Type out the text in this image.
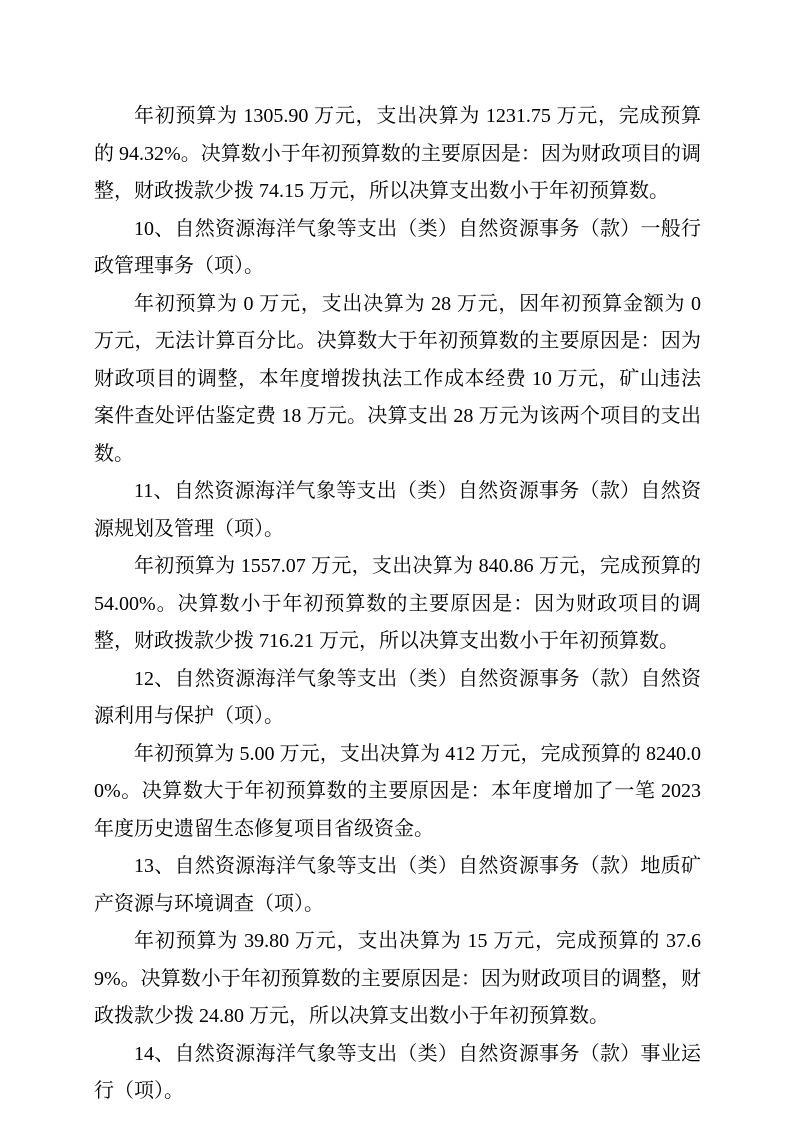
年初预算为 1305.90 万元，支出决算为 1231.75 万元，完成预算的 94.32%。决算数小于年初预算数的主要原因是：因为财政项目的调整，财政拨款少拨 74.15 万元，所以决算支出数小于年初预算数。

10、自然资源海洋气象等支出（类）自然资源事务（款）一般行政管理事务（项）。

年初预算为 0 万元，支出决算为 28 万元，因年初预算金额为 0 万元，无法计算百分比。决算数大于年初预算数的主要原因是：因为财政项目的调整，本年度增拨执法工作成本经费 10 万元，矿山违法案件查处评估鉴定费 18 万元。决算支出 28 万元为该两个项目的支出数。

11、自然资源海洋气象等支出（类）自然资源事务（款）自然资源规划及管理（项）。

年初预算为 1557.07 万元，支出决算为 840.86 万元，完成预算的 54.00%。决算数小于年初预算数的主要原因是：因为财政项目的调整，财政拨款少拨 716.21 万元，所以决算支出数小于年初预算数。

12、自然资源海洋气象等支出（类）自然资源事务（款）自然资源利用与保护（项）。

年初预算为 5.00 万元，支出决算为 412 万元，完成预算的 8240.00%。决算数大于年初预算数的主要原因是：本年度增加了一笔 2023 年度历史遗留生态修复项目省级资金。

13、自然资源海洋气象等支出（类）自然资源事务（款）地质矿产资源与环境调查（项）。

年初预算为 39.80 万元，支出决算为 15 万元，完成预算的 37.69%。决算数小于年初预算数的主要原因是：因为财政项目的调整，财政拨款少拨 24.80 万元，所以决算支出数小于年初预算数。

14、自然资源海洋气象等支出（类）自然资源事务（款）事业运行（项）。
